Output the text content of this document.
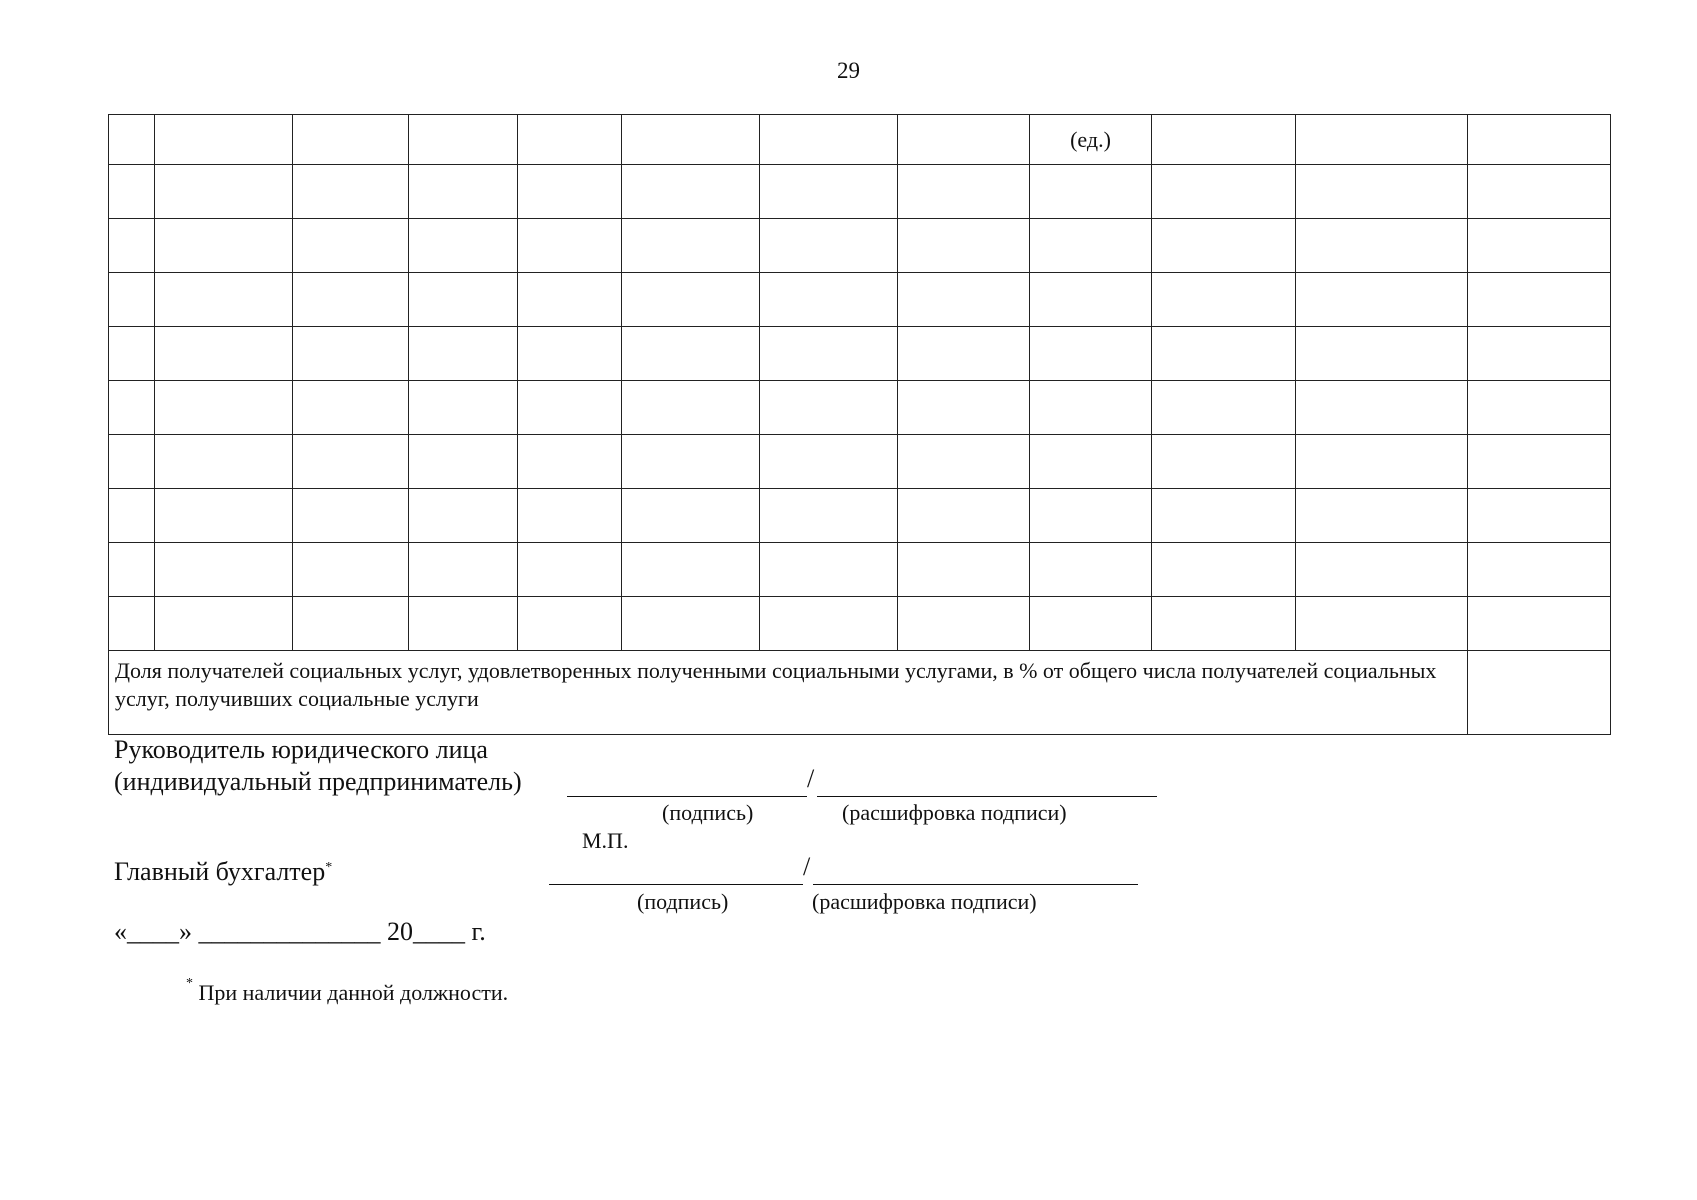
29
								(ед.)			

Доля получателей социальных услуг, удовлетворенных полученными социальными услугами, в % от общего числа получателей социальных услуг, получивших социальные услуги											
Руководитель юридического лица
(индивидуальный предприниматель)	/
(подпись)	(расшифровка подписи)
М.П.
Главный бухгалтер*	/
(подпись)	(расшифровка подписи)
«____» ______________ 20____ г.
* При наличии данной должности.
